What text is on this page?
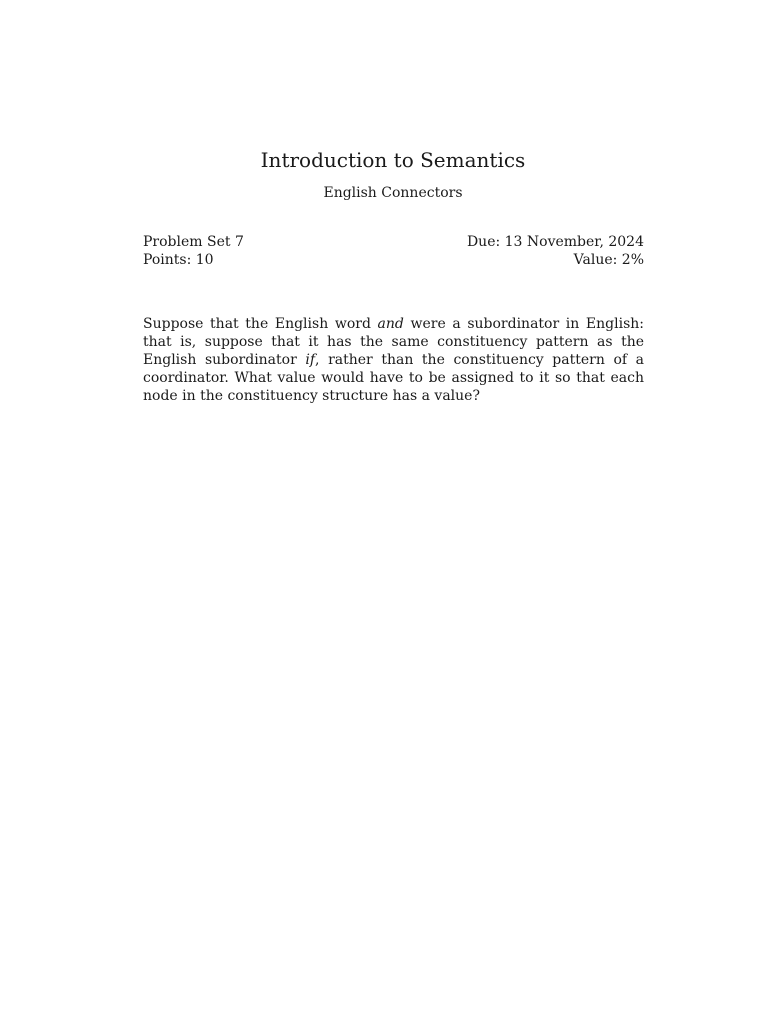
Introduction to Semantics
English Connectors
Problem Set 7	Due: 13 November, 2024
Points: 10	Value: 2%

Suppose that the English word and were a subordinator in English: that is, suppose that it has the same constituency pattern as the English subordinator if, rather than the constituency pattern of a coordinator. What value would have to be assigned to it so that each node in the constituency structure has a value?
